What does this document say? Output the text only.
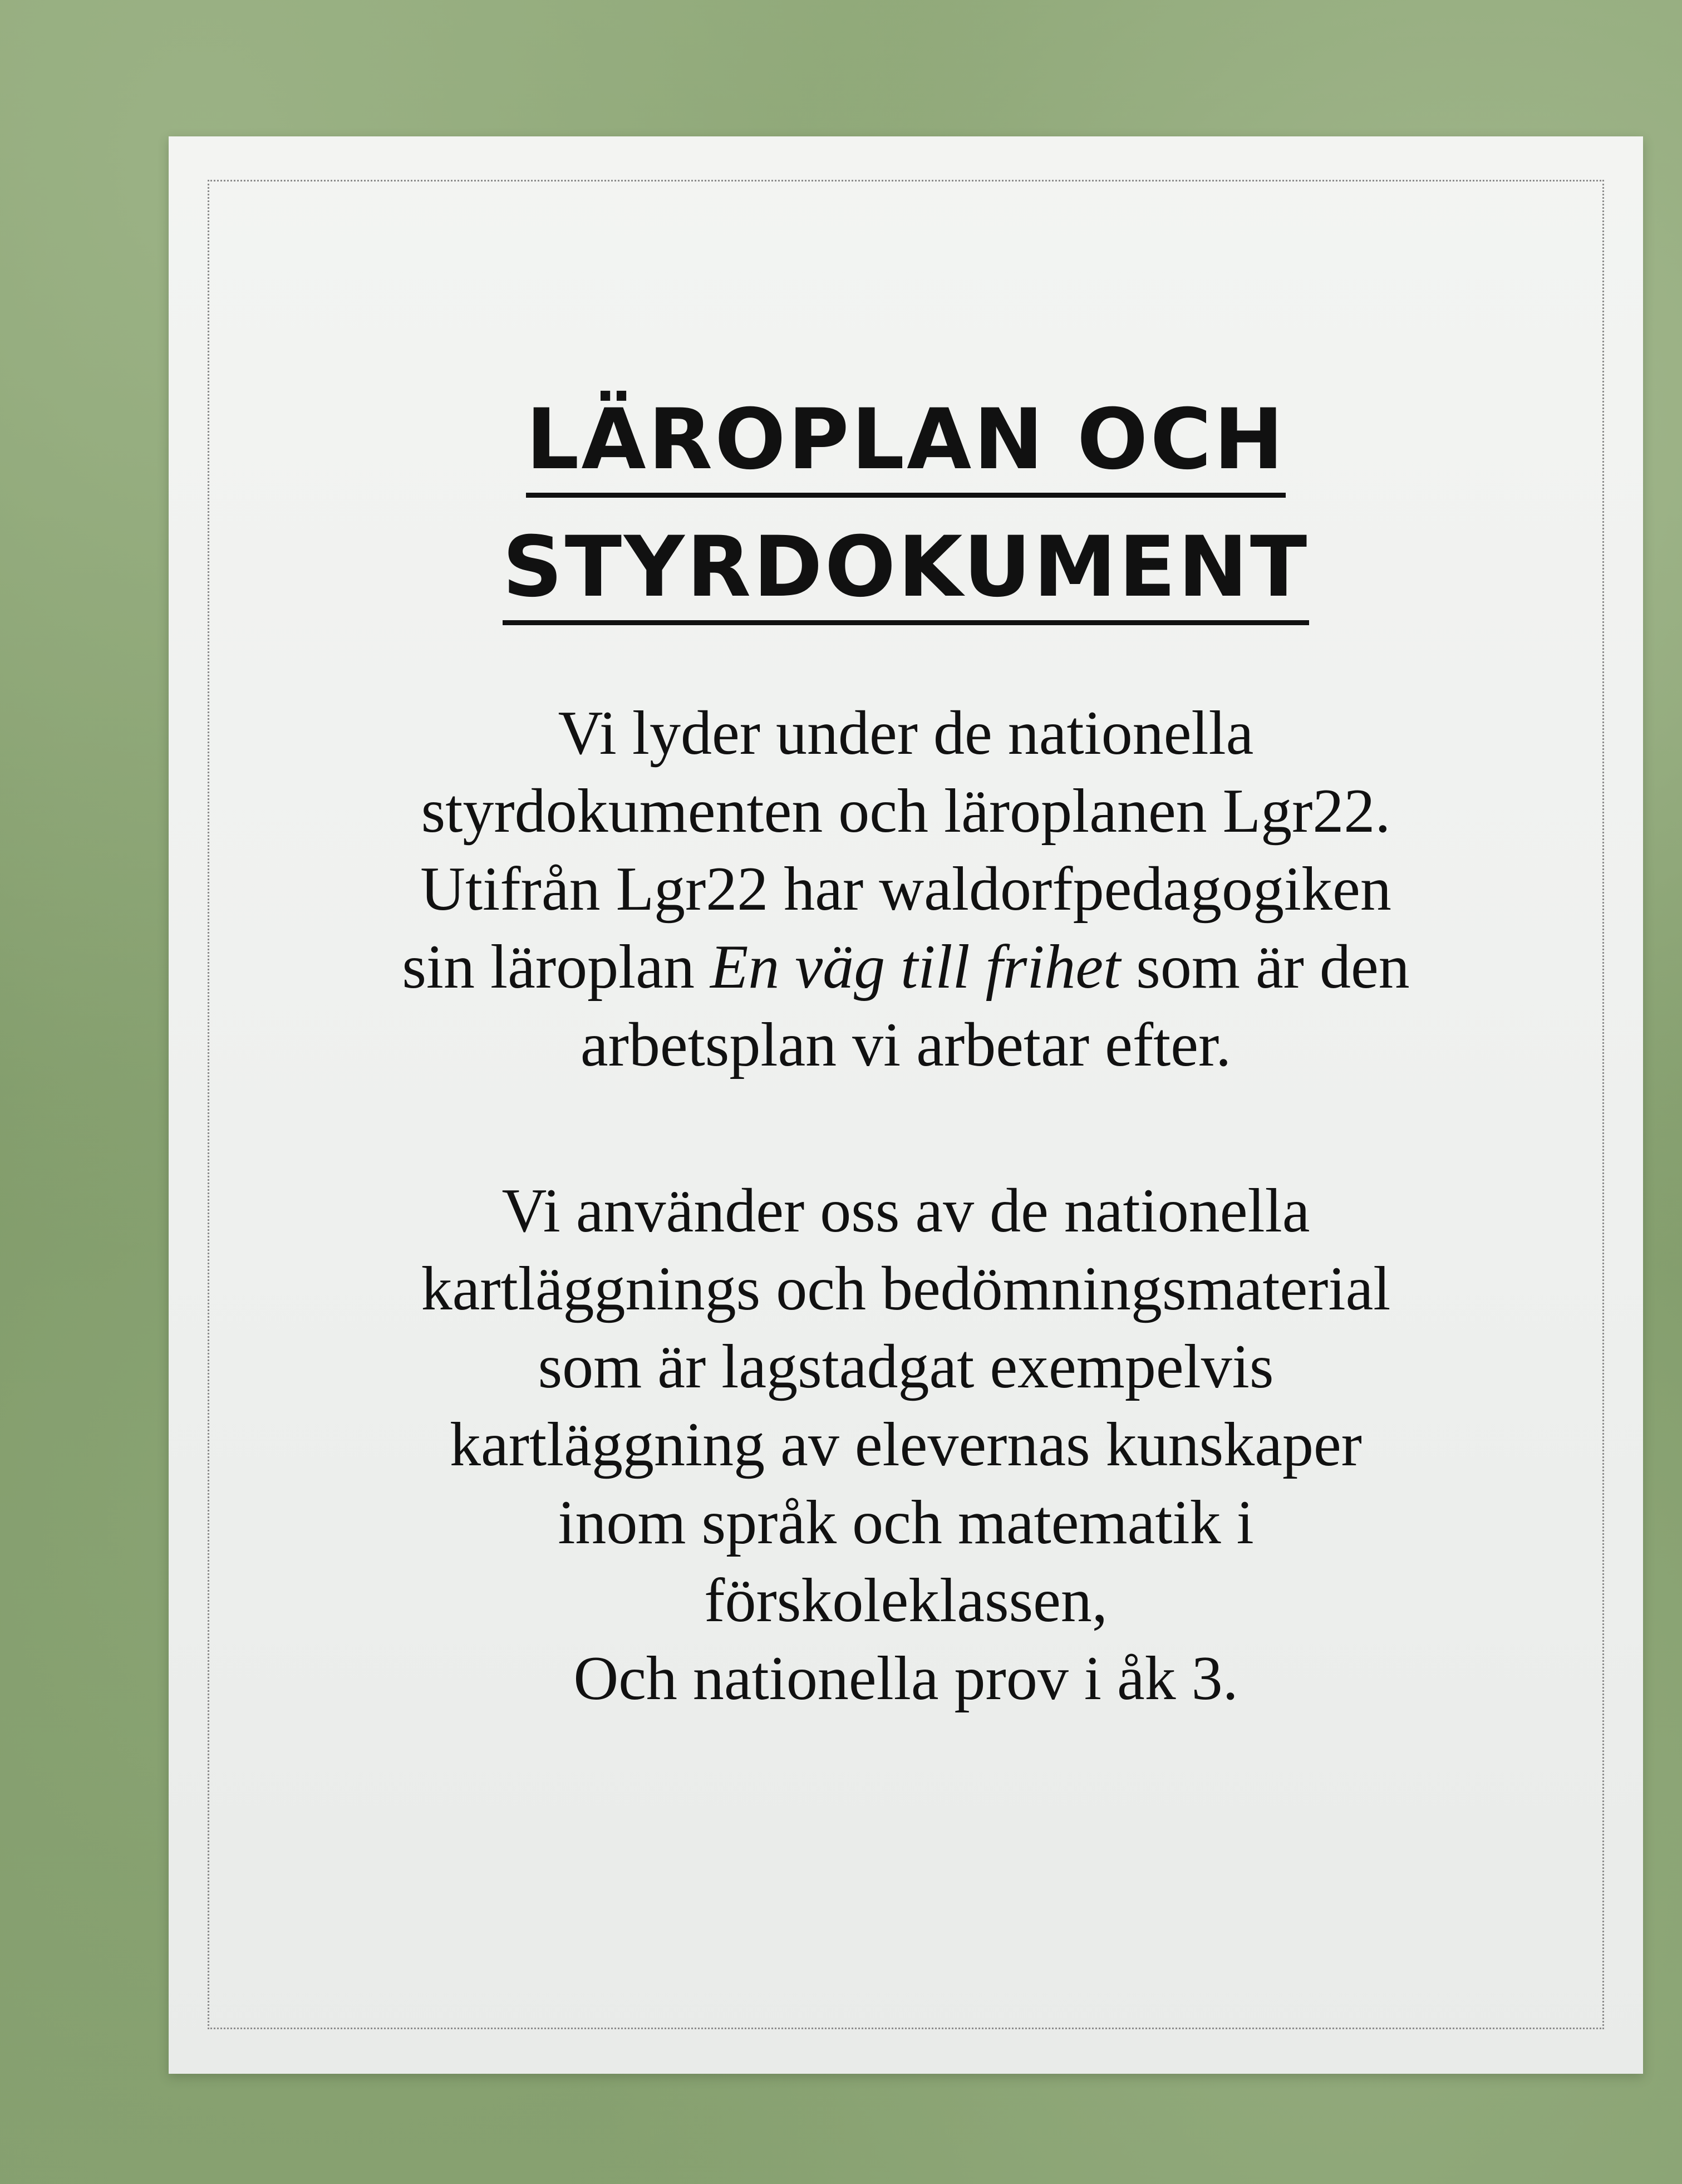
LÄROPLAN OCH
STYRDOKUMENT
Vi lyder under de nationella
styrdokumenten och läroplanen Lgr22.
Utifrån Lgr22 har waldorfpedagogiken
sin läroplan En väg till frihet som är den
arbetsplan vi arbetar efter.
Vi använder oss av de nationella
kartläggnings och bedömningsmaterial
som är lagstadgat exempelvis
kartläggning av elevernas kunskaper
inom språk och matematik i
förskoleklassen,
Och nationella prov i åk 3.
